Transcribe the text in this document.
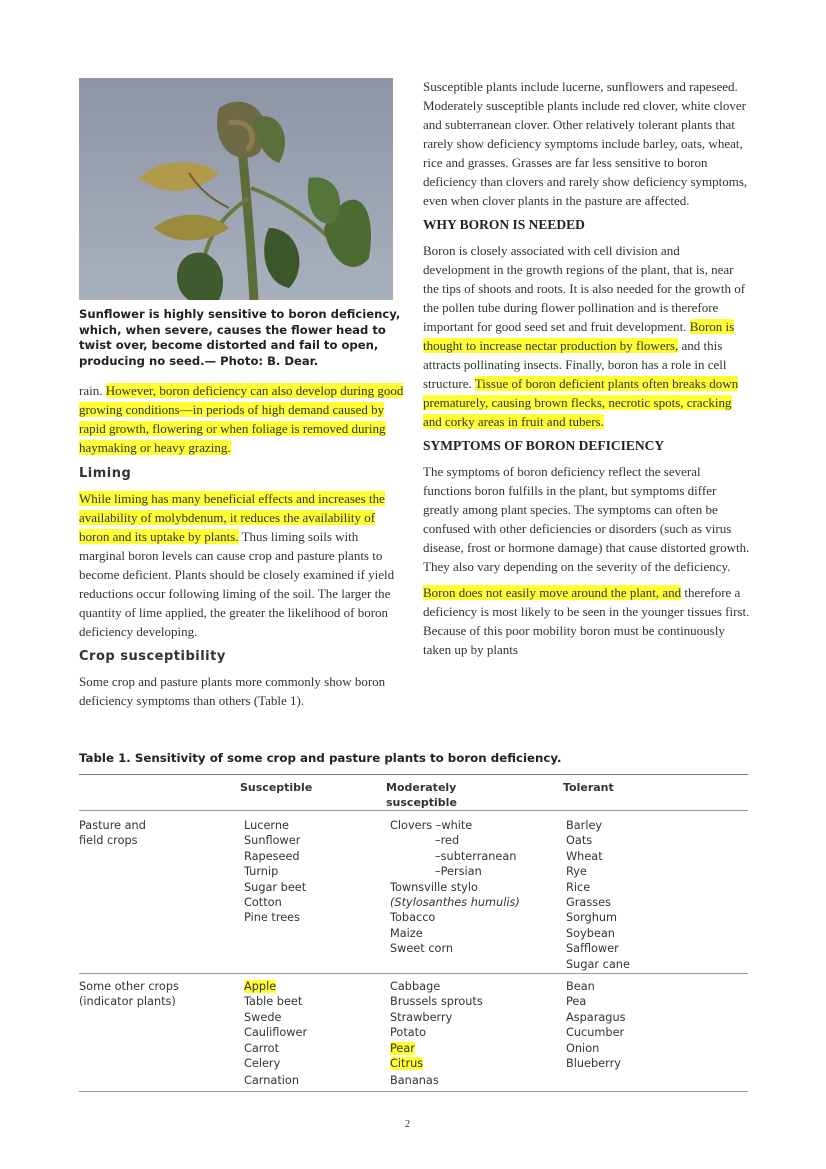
Sunflower is highly sensitive to boron deficiency, which, when severe, causes the flower head to twist over, become distorted and fail to open, producing no seed.— Photo: B. Dear.

rain. However, boron deficiency can also develop during good growing conditions—in periods of high demand caused by rapid growth, flowering or when foliage is removed during haymaking or heavy grazing.

Liming

While liming has many beneficial effects and increases the availability of molybdenum, it reduces the availability of boron and its uptake by plants. Thus liming soils with marginal boron levels can cause crop and pasture plants to become deficient. Plants should be closely examined if yield reductions occur following liming of the soil. The larger the quantity of lime applied, the greater the likelihood of boron deficiency developing.

Crop susceptibility

Some crop and pasture plants more commonly show boron deficiency symptoms than others (Table 1).

Susceptible plants include lucerne, sunflowers and rapeseed. Moderately susceptible plants include red clover, white clover and subterranean clover. Other relatively tolerant plants that rarely show deficiency symptoms include barley, oats, wheat, rice and grasses. Grasses are far less sensitive to boron deficiency than clovers and rarely show deficiency symptoms, even when clover plants in the pasture are affected.

WHY BORON IS NEEDED

Boron is closely associated with cell division and development in the growth regions of the plant, that is, near the tips of shoots and roots. It is also needed for the growth of the pollen tube during flower pollination and is therefore important for good seed set and fruit development. Boron is thought to increase nectar production by flowers, and this attracts pollinating insects. Finally, boron has a role in cell structure. Tissue of boron deficient plants often breaks down prematurely, causing brown flecks, necrotic spots, cracking and corky areas in fruit and tubers.

SYMPTOMS OF BORON DEFICIENCY

The symptoms of boron deficiency reflect the several functions boron fulfills in the plant, but symptoms differ greatly among plant species. The symptoms can often be confused with other deficiencies or disorders (such as virus disease, frost or hormone damage) that cause distorted growth. They also vary depending on the severity of the deficiency.

Boron does not easily move around the plant, and therefore a deficiency is most likely to be seen in the younger tissues first. Because of this poor mobility boron must be continuously taken up by plants

Table 1. Sensitivity of some crop and pasture plants to boron deficiency.
Susceptible	Moderately
susceptible
Tolerant
Pasture and
field crops
Lucerne
Sunflower
Rapeseed
Turnip
Sugar beet
Cotton
Pine trees
Clovers –white
–red
–subterranean
–Persian
Townsville stylo
(Stylosanthes humulis)
Tobacco
Maize
Sweet corn
Barley
Oats
Wheat
Rye
Rice
Grasses
Sorghum
Soybean
Safflower
Sugar cane
Some other crops
(indicator plants)
Apple
Table beet
Swede
Cauliflower
Carrot
Celery
Carnation
Cabbage
Brussels sprouts
Strawberry
Potato
Pear
Citrus
Bananas
Bean
Pea
Asparagus
Cucumber
Onion
Blueberry
2
